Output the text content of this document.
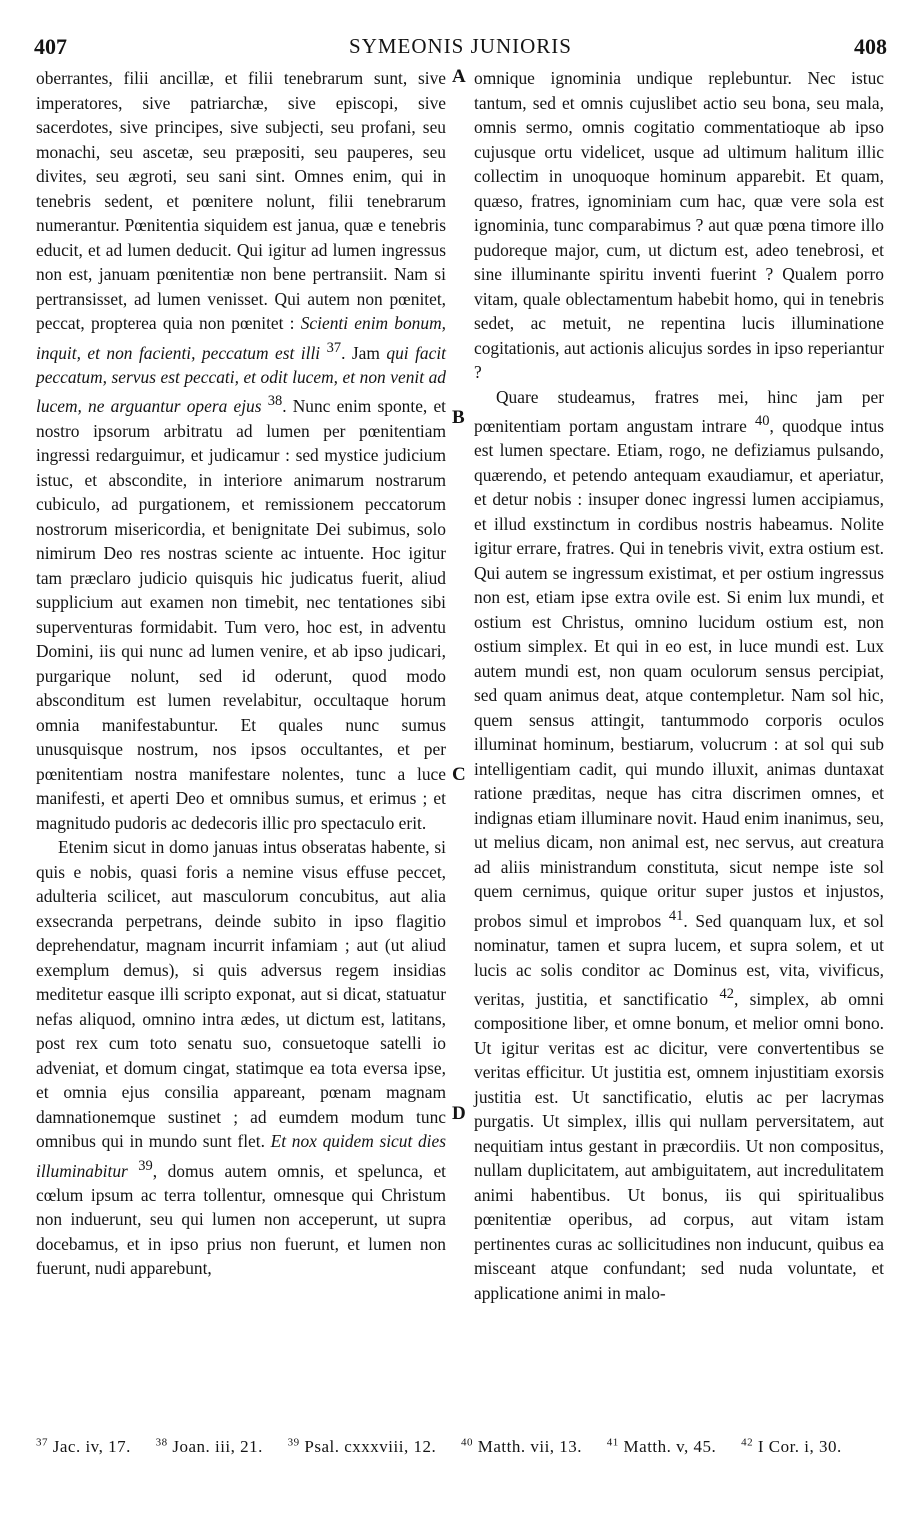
407	SYMEONIS JUNIORIS	408
A
B
C
D

oberrantes, filii ancillæ, et filii tenebrarum sunt, sive imperatores, sive patriarchæ, sive episcopi, sive sacerdotes, sive principes, sive subjecti, seu profani, seu monachi, seu ascetæ, seu præpositi, seu pauperes, seu divites, seu ægroti, seu sani sint. Omnes enim, qui in tenebris sedent, et pœnitere nolunt, filii tenebrarum numerantur. Pœnitentia siquidem est janua, quæ e tenebris educit, et ad lumen deducit. Qui igitur ad lumen ingressus non est, januam pœnitentiæ non bene pertransiit. Nam si pertransisset, ad lumen venisset. Qui autem non pœnitet, peccat, propterea quia non pœnitet : Scienti enim bonum, inquit, et non facienti, peccatum est illi $^{37}$. Jam qui facit peccatum, servus est peccati, et odit lucem, et non venit ad lucem, ne arguantur opera ejus $^{38}$. Nunc enim sponte, et nostro ipsorum arbitratu ad lumen per pœnitentiam ingressi redarguimur, et judicamur : sed mystice judicium istuc, et abscondite, in interiore animarum nostrarum cubiculo, ad purgationem, et remissionem peccatorum nostrorum misericordia, et benignitate Dei subimus, solo nimirum Deo res nostras sciente ac intuente. Hoc igitur tam præclaro judicio quisquis hic judicatus fuerit, aliud supplicium aut examen non timebit, nec tentationes sibi superventuras formidabit. Tum vero, hoc est, in adventu Domini, iis qui nunc ad lumen venire, et ab ipso judicari, purgarique nolunt, sed id oderunt, quod modo absconditum est lumen revelabitur, occultaque horum omnia manifestabuntur. Et quales nunc sumus unusquisque nostrum, nos ipsos occultantes, et per pœnitentiam nostra manifestare nolentes, tunc a luce manifesti, et aperti Deo et omnibus sumus, et erimus ; et magnitudo pudoris ac dedecoris illic pro spectaculo erit.

Etenim sicut in domo januas intus obseratas habente, si quis e nobis, quasi foris a nemine visus effuse peccet, adulteria scilicet, aut masculorum concubitus, aut alia exsecranda perpetrans, deinde subito in ipso flagitio deprehendatur, magnam incurrit infamiam ; aut (ut aliud exemplum demus), si quis adversus regem insidias meditetur easque illi scripto exponat, aut si dicat, statuatur nefas aliquod, omnino intra ædes, ut dictum est, latitans, post rex cum toto senatu suo, consuetoque satelli io adveniat, et domum cingat, statimque ea tota eversa ipse, et omnia ejus consilia appareant, pœnam magnam damnationemque sustinet ; ad eumdem modum tunc omnibus qui in mundo sunt flet. Et nox quidem sicut dies illuminabitur $^{39}$, domus autem omnis, et spelunca, et cœlum ipsum ac terra tollentur, omnesque qui Christum non induerunt, seu qui lumen non acceperunt, ut supra docebamus, et in ipso prius non fuerunt, et lumen non fuerunt, nudi apparebunt,

omnique ignominia undique replebuntur. Nec istuc tantum, sed et omnis cujuslibet actio seu bona, seu mala, omnis sermo, omnis cogitatio commentatioque ab ipso cujusque ortu videlicet, usque ad ultimum halitum illic collectim in unoquoque hominum apparebit. Et quam, quæso, fratres, ignominiam cum hac, quæ vere sola est ignominia, tunc comparabimus ? aut quæ pœna timore illo pudoreque major, cum, ut dictum est, adeo tenebrosi, et sine illuminante spiritu inventi fuerint ? Qualem porro vitam, quale oblectamentum habebit homo, qui in tenebris sedet, ac metuit, ne repentina lucis illuminatione cogitationis, aut actionis alicujus sordes in ipso reperiantur ?

Quare studeamus, fratres mei, hinc jam per pœnitentiam portam angustam intrare $^{40}$, quodque intus est lumen spectare. Etiam, rogo, ne defiziamus pulsando, quærendo, et petendo antequam exaudiamur, et aperiatur, et detur nobis : insuper donec ingressi lumen accipiamus, et illud exstinctum in cordibus nostris habeamus. Nolite igitur errare, fratres. Qui in tenebris vivit, extra ostium est. Qui autem se ingressum existimat, et per ostium ingressus non est, etiam ipse extra ovile est. Si enim lux mundi, et ostium est Christus, omnino lucidum ostium est, non ostium simplex. Et qui in eo est, in luce mundi est. Lux autem mundi est, non quam oculorum sensus percipiat, sed quam animus deat, atque contempletur. Nam sol hic, quem sensus attingit, tantummodo corporis oculos illuminat hominum, bestiarum, volucrum : at sol qui sub intelligentiam cadit, qui mundo illuxit, animas duntaxat ratione præditas, neque has citra discrimen omnes, et indignas etiam illuminare novit. Haud enim inanimus, seu, ut melius dicam, non animal est, nec servus, aut creatura ad aliis ministrandum constituta, sicut nempe iste sol quem cernimus, quique oritur super justos et injustos, probos simul et improbos $^{41}$. Sed quanquam lux, et sol nominatur, tamen et supra lucem, et supra solem, et ut lucis ac solis conditor ac Dominus est, vita, vivificus, veritas, justitia, et sanctificatio $^{42}$, simplex, ab omni compositione liber, et omne bonum, et melior omni bono. Ut igitur veritas est ac dicitur, vere convertentibus se veritas efficitur. Ut justitia est, omnem injustitiam exorsis justitia est. Ut sanctificatio, elutis ac per lacrymas purgatis. Ut simplex, illis qui nullam perversitatem, aut nequitiam intus gestant in præcordiis. Ut non compositus, nullam duplicitatem, aut ambiguitatem, aut incredulitatem animi habentibus. Ut bonus, iis qui spiritualibus pœnitentiæ operibus, ad corpus, aut vitam istam pertinentes curas ac sollicitudines non inducunt, quibus ea misceant atque confundant; sed nuda voluntate, et applicatione animi in malo-

$^{37}$ Jac. iv, 17. $^{38}$ Joan. iii, 21. $^{39}$ Psal. cxxxviii, 12. $^{40}$ Matth. vii, 13. $^{41}$ Matth. v, 45. $^{42}$ I Cor. i, 30.
